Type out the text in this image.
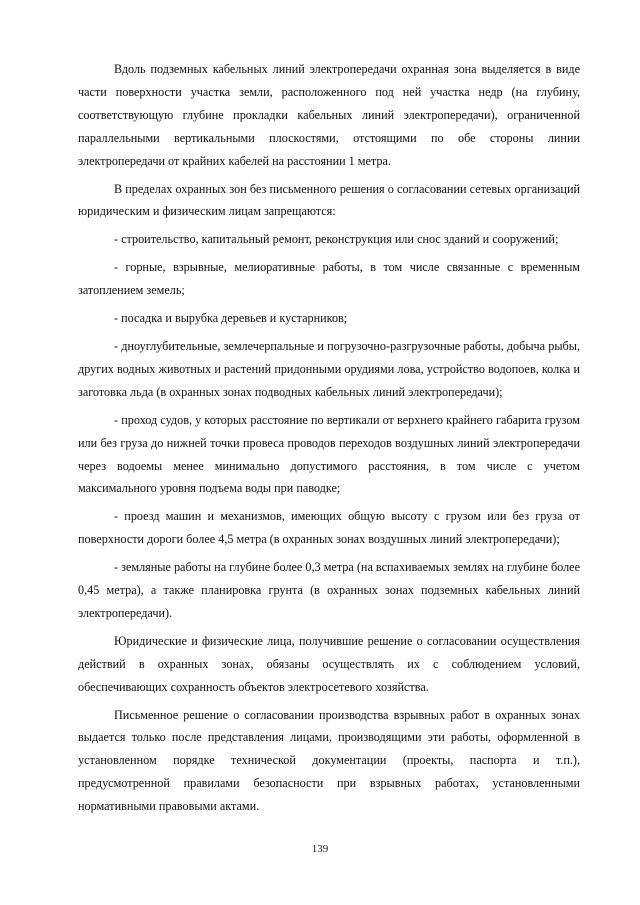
Вдоль подземных кабельных линий электропередачи охранная зона выделяется в виде части поверхности участка земли, расположенного под ней участка недр (на глубину, соответствующую глубине прокладки кабельных линий электропередачи), ограниченной параллельными вертикальными плоскостями, отстоящими по обе стороны линии электропередачи от крайних кабелей на расстоянии 1 метра.

В пределах охранных зон без письменного решения о согласовании сетевых организаций юридическим и физическим лицам запрещаются:

- строительство, капитальный ремонт, реконструкция или снос зданий и сооружений;

- горные, взрывные, мелиоративные работы, в том числе связанные с временным затоплением земель;

- посадка и вырубка деревьев и кустарников;

- дноуглубительные, землечерпальные и погрузочно-разгрузочные работы, добыча рыбы, других водных животных и растений придонными орудиями лова, устройство водопоев, колка и заготовка льда (в охранных зонах подводных кабельных линий электропередачи);

- проход судов, у которых расстояние по вертикали от верхнего крайнего габарита грузом или без груза до нижней точки провеса проводов переходов воздушных линий электропередачи через водоемы менее минимально допустимого расстояния, в том числе с учетом максимального уровня подъема воды при паводке;

- проезд машин и механизмов, имеющих общую высоту с грузом или без груза от поверхности дороги более 4,5 метра (в охранных зонах воздушных линий электропередачи);

- земляные работы на глубине более 0,3 метра (на вспахиваемых землях на глубине более 0,45 метра), а также планировка грунта (в охранных зонах подземных кабельных линий электропередачи).

Юридические и физические лица, получившие решение о согласовании осуществления действий в охранных зонах, обязаны осуществлять их с соблюдением условий, обеспечивающих сохранность объектов электросетевого хозяйства.

Письменное решение о согласовании производства взрывных работ в охранных зонах выдается только после представления лицами, производящими эти работы, оформленной в установленном порядке технической документации (проекты, паспорта и т.п.), предусмотренной правилами безопасности при взрывных работах, установленными нормативными правовыми актами.

139
